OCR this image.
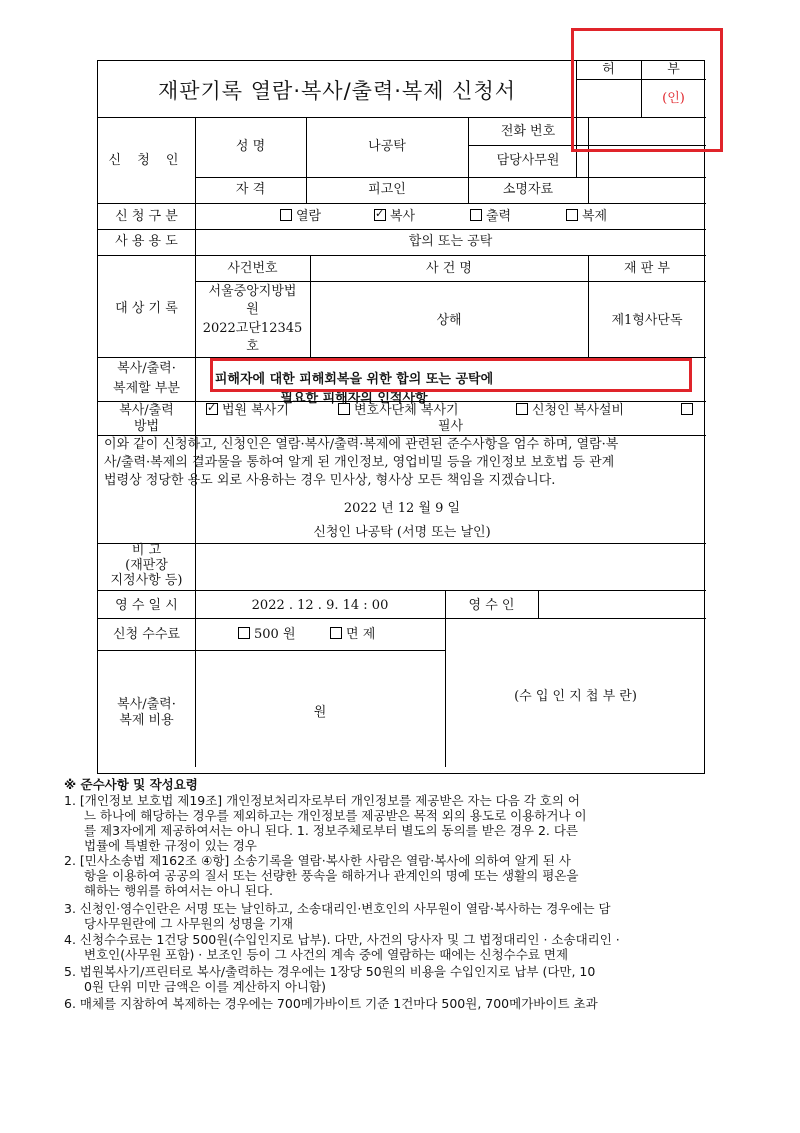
재판기록 열람·복사/출력·복제 신청서
허	부
(인)
신 청 인
성 명	나공탁
전화 번호
담당사무원
자 격	피고인	소명자료
신 청 구 분	열람
✓	복사	출력	복제
사 용 용 도	합의 또는 공탁
대 상 기 록
사건번호	사 건 명	재 판 부
서울중앙지방법
원
2022고단12345
호
상해	제1형사단독
복사/출력·
복제할 부분
피해자에 대한 피해회복을 위한 합의 또는 공탁에 필요한 피해자의 인적사항
복사/출력
방법
✓법원 복사기	변호사단체 복사기	신청인 복사설비
필사
이와 같이 신청하고, 신청인은 열람·복사/출력·복제에 관련된 준수사항을 엄수 하며, 열람·복
사/출력·복제의 결과물을 통하여 알게 된 개인정보, 영업비밀 등을 개인정보 보호법 등 관계
법령상 정당한 용도 외로 사용하는 경우 민사상, 형사상 모든 책임을 지겠습니다.
2022 년 12 월 9 일
신청인 나공탁 (서명 또는 날인)
비 고
(재판장
지정사항 등)
영 수 일 시	2022 . 12 . 9. 14 : 00	영 수 인
신청 수수료	500 원	면 제
복사/출력·
복제 비용
원
(수 입 인 지 첩 부 란)
※ 준수사항 및 작성요령
1. [개인정보 보호법 제19조] 개인정보처리자로부터 개인정보를 제공받은 자는 다음 각 호의 어
느 하나에 해당하는 경우를 제외하고는 개인정보를 제공받은 목적 외의 용도로 이용하거나 이
를 제3자에게 제공하여서는 아니 된다. 1. 정보주체로부터 별도의 동의를 받은 경우 2. 다른
법률에 특별한 규정이 있는 경우
2. [민사소송법 제162조 ④항] 소송기록을 열람·복사한 사람은 열람·복사에 의하여 알게 된 사
항을 이용하여 공공의 질서 또는 선량한 풍속을 해하거나 관계인의 명예 또는 생활의 평온을
해하는 행위를 하여서는 아니 된다.
3. 신청인·영수인란은 서명 또는 날인하고, 소송대리인·변호인의 사무원이 열람·복사하는 경우에는 담
당사무원란에 그 사무원의 성명을 기재
4. 신청수수료는 1건당 500원(수입인지로 납부). 다만, 사건의 당사자 및 그 법정대리인 · 소송대리인 ·
변호인(사무원 포함) · 보조인 등이 그 사건의 계속 중에 열람하는 때에는 신청수수료 면제
5. 법원복사기/프린터로 복사/출력하는 경우에는 1장당 50원의 비용을 수입인지로 납부 (다만, 10
0원 단위 미만 금액은 이를 계산하지 아니함)
6. 매체를 지참하여 복제하는 경우에는 700메가바이트 기준 1건마다 500원, 700메가바이트 초과
